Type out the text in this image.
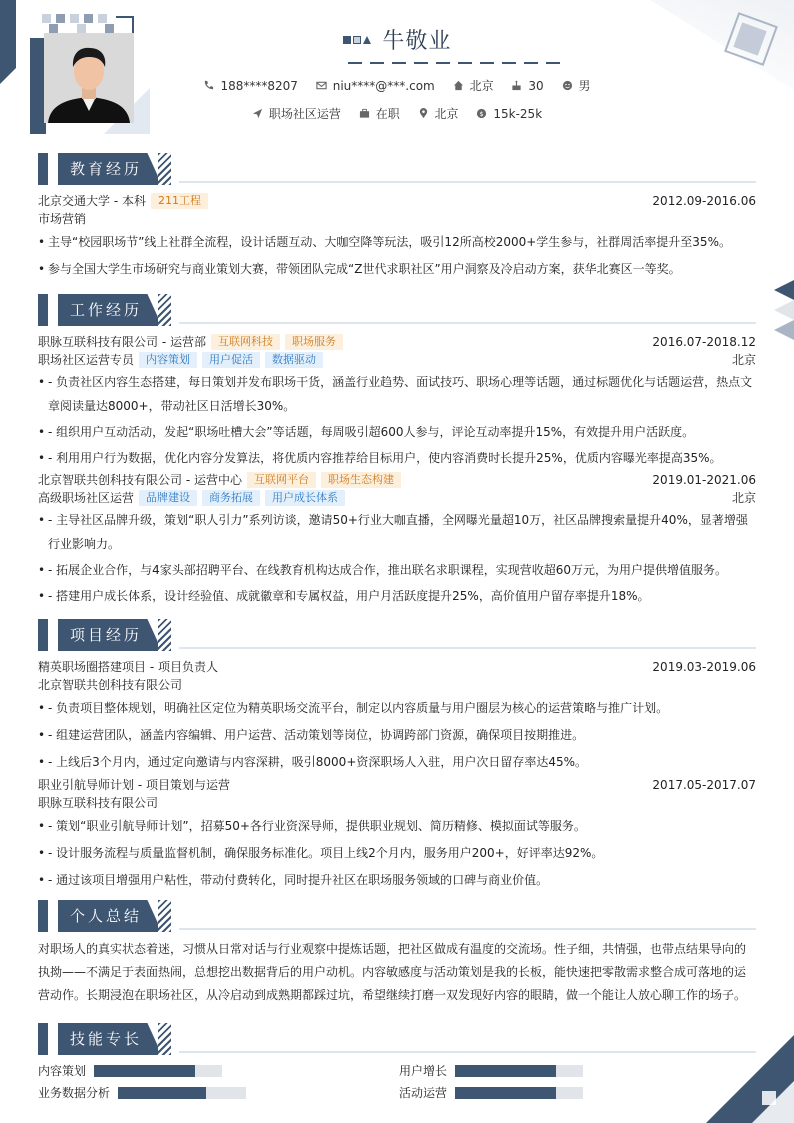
牛敬业
188****8207	niu****@***.com	北京	30	男
职场社区运营	在职	北京	$ 15k-25k
教育经历
北京交通大学 - 本科	211工程	2012.09-2016.06
市场营销
• 主导“校园职场节”线上社群全流程，设计话题互动、大咖空降等玩法，吸引12所高校2000+学生参与，社群周活率提升至35%。
• 参与全国大学生市场研究与商业策划大赛，带领团队完成“Z世代求职社区”用户洞察及冷启动方案，获华北赛区一等奖。
工作经历
职脉互联科技有限公司 - 运营部	互联网科技	职场服务	2016.07-2018.12
职场社区运营专员	内容策划	用户促活	数据驱动	北京
• - 负责社区内容生态搭建，每日策划并发布职场干货，涵盖行业趋势、面试技巧、职场心理等话题，通过标题优化与话题运营，热点文章阅读量达8000+，带动社区日活增长30%。
• - 组织用户互动活动，发起“职场吐槽大会”等话题，每周吸引超600人参与，评论互动率提升15%，有效提升用户活跃度。
• - 利用用户行为数据，优化内容分发算法，将优质内容推荐给目标用户，使内容消费时长提升25%，优质内容曝光率提高35%。
北京智联共创科技有限公司 - 运营中心	互联网平台	职场生态构建	2019.01-2021.06
高级职场社区运营	品牌建设	商务拓展	用户成长体系	北京
• - 主导社区品牌升级，策划“职人引力”系列访谈，邀请50+行业大咖直播，全网曝光量超10万，社区品牌搜索量提升40%，显著增强行业影响力。
• - 拓展企业合作，与4家头部招聘平台、在线教育机构达成合作，推出联名求职课程，实现营收超60万元，为用户提供增值服务。
• - 搭建用户成长体系，设计经验值、成就徽章和专属权益，用户月活跃度提升25%，高价值用户留存率提升18%。
项目经历
精英职场圈搭建项目 - 项目负责人	2019.03-2019.06
北京智联共创科技有限公司
• - 负责项目整体规划，明确社区定位为精英职场交流平台，制定以内容质量与用户圈层为核心的运营策略与推广计划。
• - 组建运营团队，涵盖内容编辑、用户运营、活动策划等岗位，协调跨部门资源，确保项目按期推进。
• - 上线后3个月内，通过定向邀请与内容深耕，吸引8000+资深职场人入驻，用户次日留存率达45%。
职业引航导师计划 - 项目策划与运营	2017.05-2017.07
职脉互联科技有限公司
• - 策划“职业引航导师计划”，招募50+各行业资深导师，提供职业规划、简历精修、模拟面试等服务。
• - 设计服务流程与质量监督机制，确保服务标准化。项目上线2个月内，服务用户200+，好评率达92%。
• - 通过该项目增强用户粘性，带动付费转化，同时提升社区在职场服务领域的口碑与商业价值。
个人总结
对职场人的真实状态着迷，习惯从日常对话与行业观察中提炼话题，把社区做成有温度的交流场。性子细，共情强，也带点结果导向的执拗——不满足于表面热闹，总想挖出数据背后的用户动机。内容敏感度与活动策划是我的长板，能快速把零散需求整合成可落地的运营动作。长期浸泡在职场社区，从冷启动到成熟期都踩过坑，希望继续打磨一双发现好内容的眼睛，做一个能让人放心聊工作的场子。
技能专长
内容策划	用户增长
业务数据分析	活动运营
